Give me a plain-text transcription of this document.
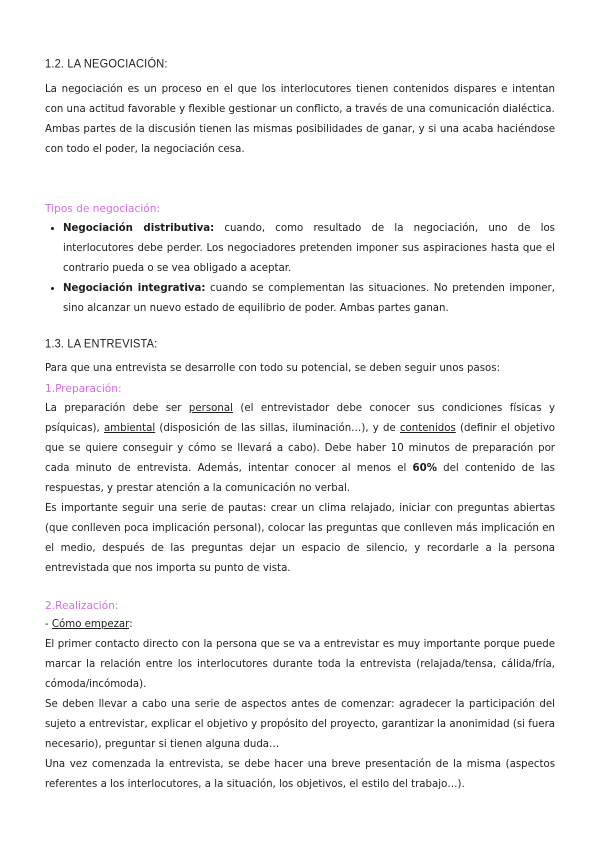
1.2. LA NEGOCIACIÓN:

La negociación es un proceso en el que los interlocutores tienen contenidos dispares e intentan con una actitud favorable y flexible gestionar un conflicto, a través de una comunicación dialéctica.

Ambas partes de la discusión tienen las mismas posibilidades de ganar, y si una acaba haciéndose con todo el poder, la negociación cesa.

Tipos de negociación:
• Negociación distributiva: cuando, como resultado de la negociación, uno de los interlocutores debe perder. Los negociadores pretenden imponer sus aspiraciones hasta que el contrario pueda o se vea obligado a aceptar.
• Negociación integrativa: cuando se complementan las situaciones. No pretenden imponer, sino alcanzar un nuevo estado de equilibrio de poder. Ambas partes ganan.
1.3. LA ENTREVISTA:

Para que una entrevista se desarrolle con todo su potencial, se deben seguir unos pasos:

1.Preparación:

La preparación debe ser personal (el entrevistador debe conocer sus condiciones físicas y psíquicas), ambiental (disposición de las sillas, iluminación…), y de contenidos (definir el objetivo que se quiere conseguir y cómo se llevará a cabo). Debe haber 10 minutos de preparación por cada minuto de entrevista. Además, intentar conocer al menos el 60% del contenido de las respuestas, y prestar atención a la comunicación no verbal.

Es importante seguir una serie de pautas: crear un clima relajado, iniciar con preguntas abiertas (que conlleven poca implicación personal), colocar las preguntas que conlleven más implicación en el medio, después de las preguntas dejar un espacio de silencio, y recordarle a la persona entrevistada que nos importa su punto de vista.

2.Realización:

- Cómo empezar:

El primer contacto directo con la persona que se va a entrevistar es muy importante porque puede marcar la relación entre los interlocutores durante toda la entrevista (relajada/tensa, cálida/fría, cómoda/incómoda).

Se deben llevar a cabo una serie de aspectos antes de comenzar: agradecer la participación del sujeto a entrevistar, explicar el objetivo y propósito del proyecto, garantizar la anonimidad (si fuera necesario), preguntar si tienen alguna duda…

Una vez comenzada la entrevista, se debe hacer una breve presentación de la misma (aspectos referentes a los interlocutores, a la situación, los objetivos, el estilo del trabajo…).
